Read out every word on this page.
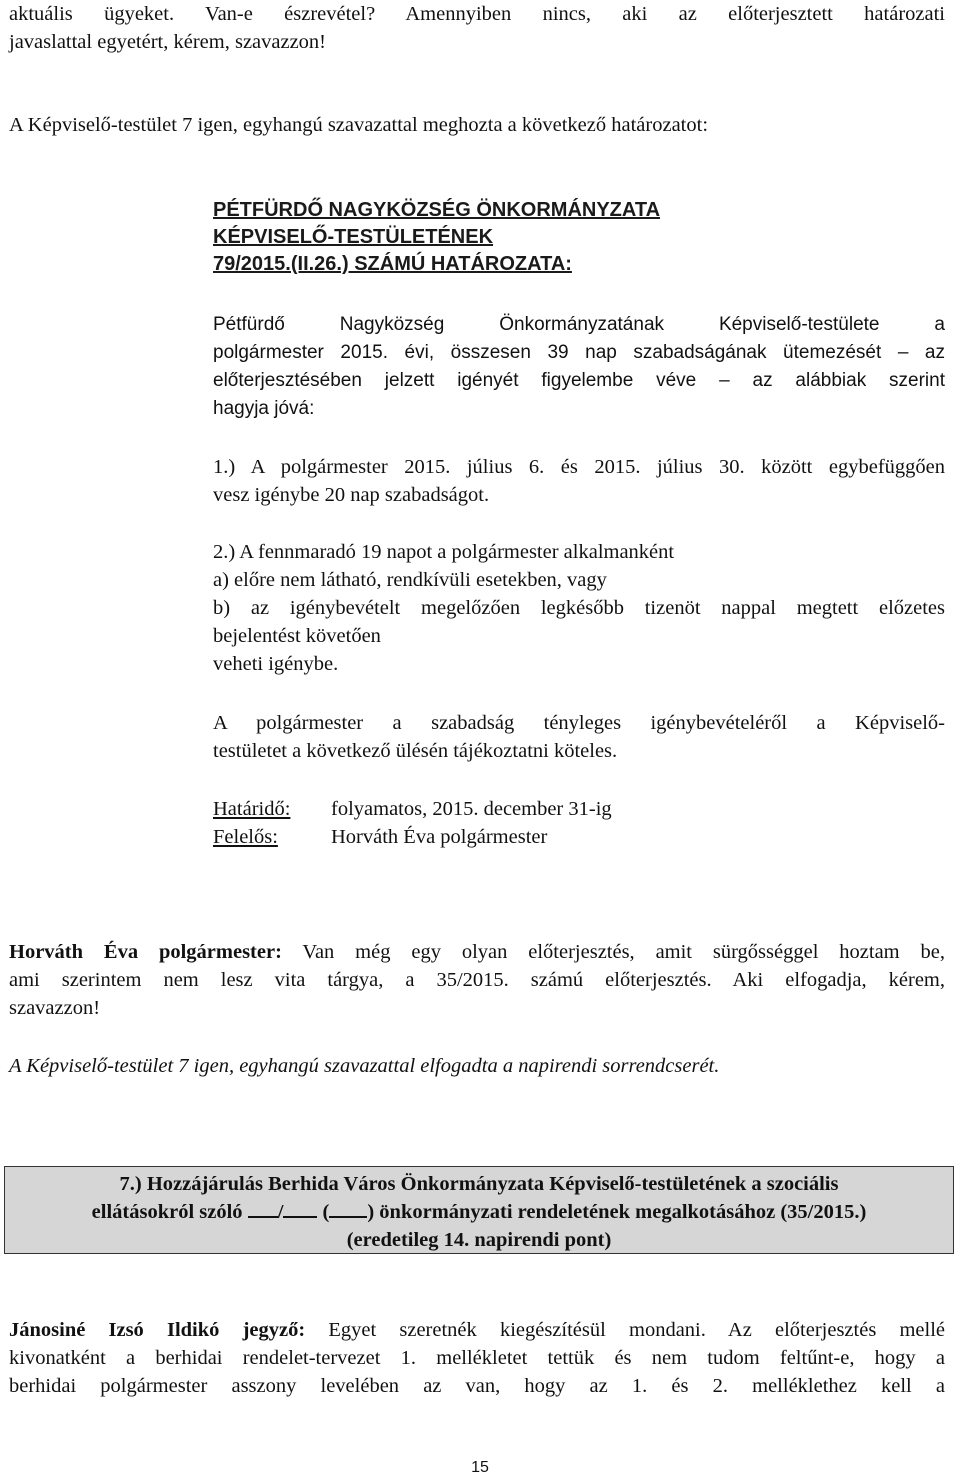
aktuális ügyeket. Van-e észrevétel? Amennyiben nincs, aki az előterjesztett határozati
javaslattal egyetért, kérem, szavazzon!

A Képviselő-testület 7 igen, egyhangú szavazattal meghozta a következő határozatot:

PÉTFÜRDŐ NAGYKÖZSÉG ÖNKORMÁNYZATA
KÉPVISELŐ-TESTÜLETÉNEK
79/2015.(II.26.) SZÁMÚ HATÁROZATA:
Pétfürdő Nagyközség Önkormányzatának Képviselő-testülete a
polgármester 2015. évi, összesen 39 nap szabadságának ütemezését – az
előterjesztésében jelzett igényét figyelembe véve – az alábbiak szerint
hagyja jóvá:
1.) A polgármester 2015. július 6. és 2015. július 30. között egybefüggően
vesz igénybe 20 nap szabadságot.
2.) A fennmaradó 19 napot a polgármester alkalmanként
a) előre nem látható, rendkívüli esetekben, vagy
b) az igénybevételt megelőzően legkésőbb tizenöt nappal megtett előzetes
bejelentést követően
veheti igénybe.
A polgármester a szabadság tényleges igénybevételéről a Képviselő-
testületet a következő ülésén tájékoztatni köteles.
Határidő: folyamatos, 2015. december 31-ig
Felelős:	Horváth Éva polgármester
Horváth Éva polgármester: Van még egy olyan előterjesztés, amit sürgősséggel hoztam be,
ami szerintem nem lesz vita tárgya, a 35/2015. számú előterjesztés. Aki elfogadja, kérem,
szavazzon!

A Képviselő-testület 7 igen, egyhangú szavazattal elfogadta a napirendi sorrendcserét.

7.) Hozzájárulás Berhida Város Önkormányzata Képviselő-testületének a szociális
ellátásokról szóló / ( ) önkormányzati rendeletének megalkotásához (35/2015.)
(eredetileg 14. napirendi pont)
Jánosiné Izsó Ildikó jegyző: Egyet szeretnék kiegészítésül mondani. Az előterjesztés mellé
kivonatként a berhidai rendelet-tervezet 1. mellékletet tettük és nem tudom feltűnt-e, hogy a
berhidai polgármester asszony levelében az van, hogy az 1. és 2. melléklethez kell a
15
